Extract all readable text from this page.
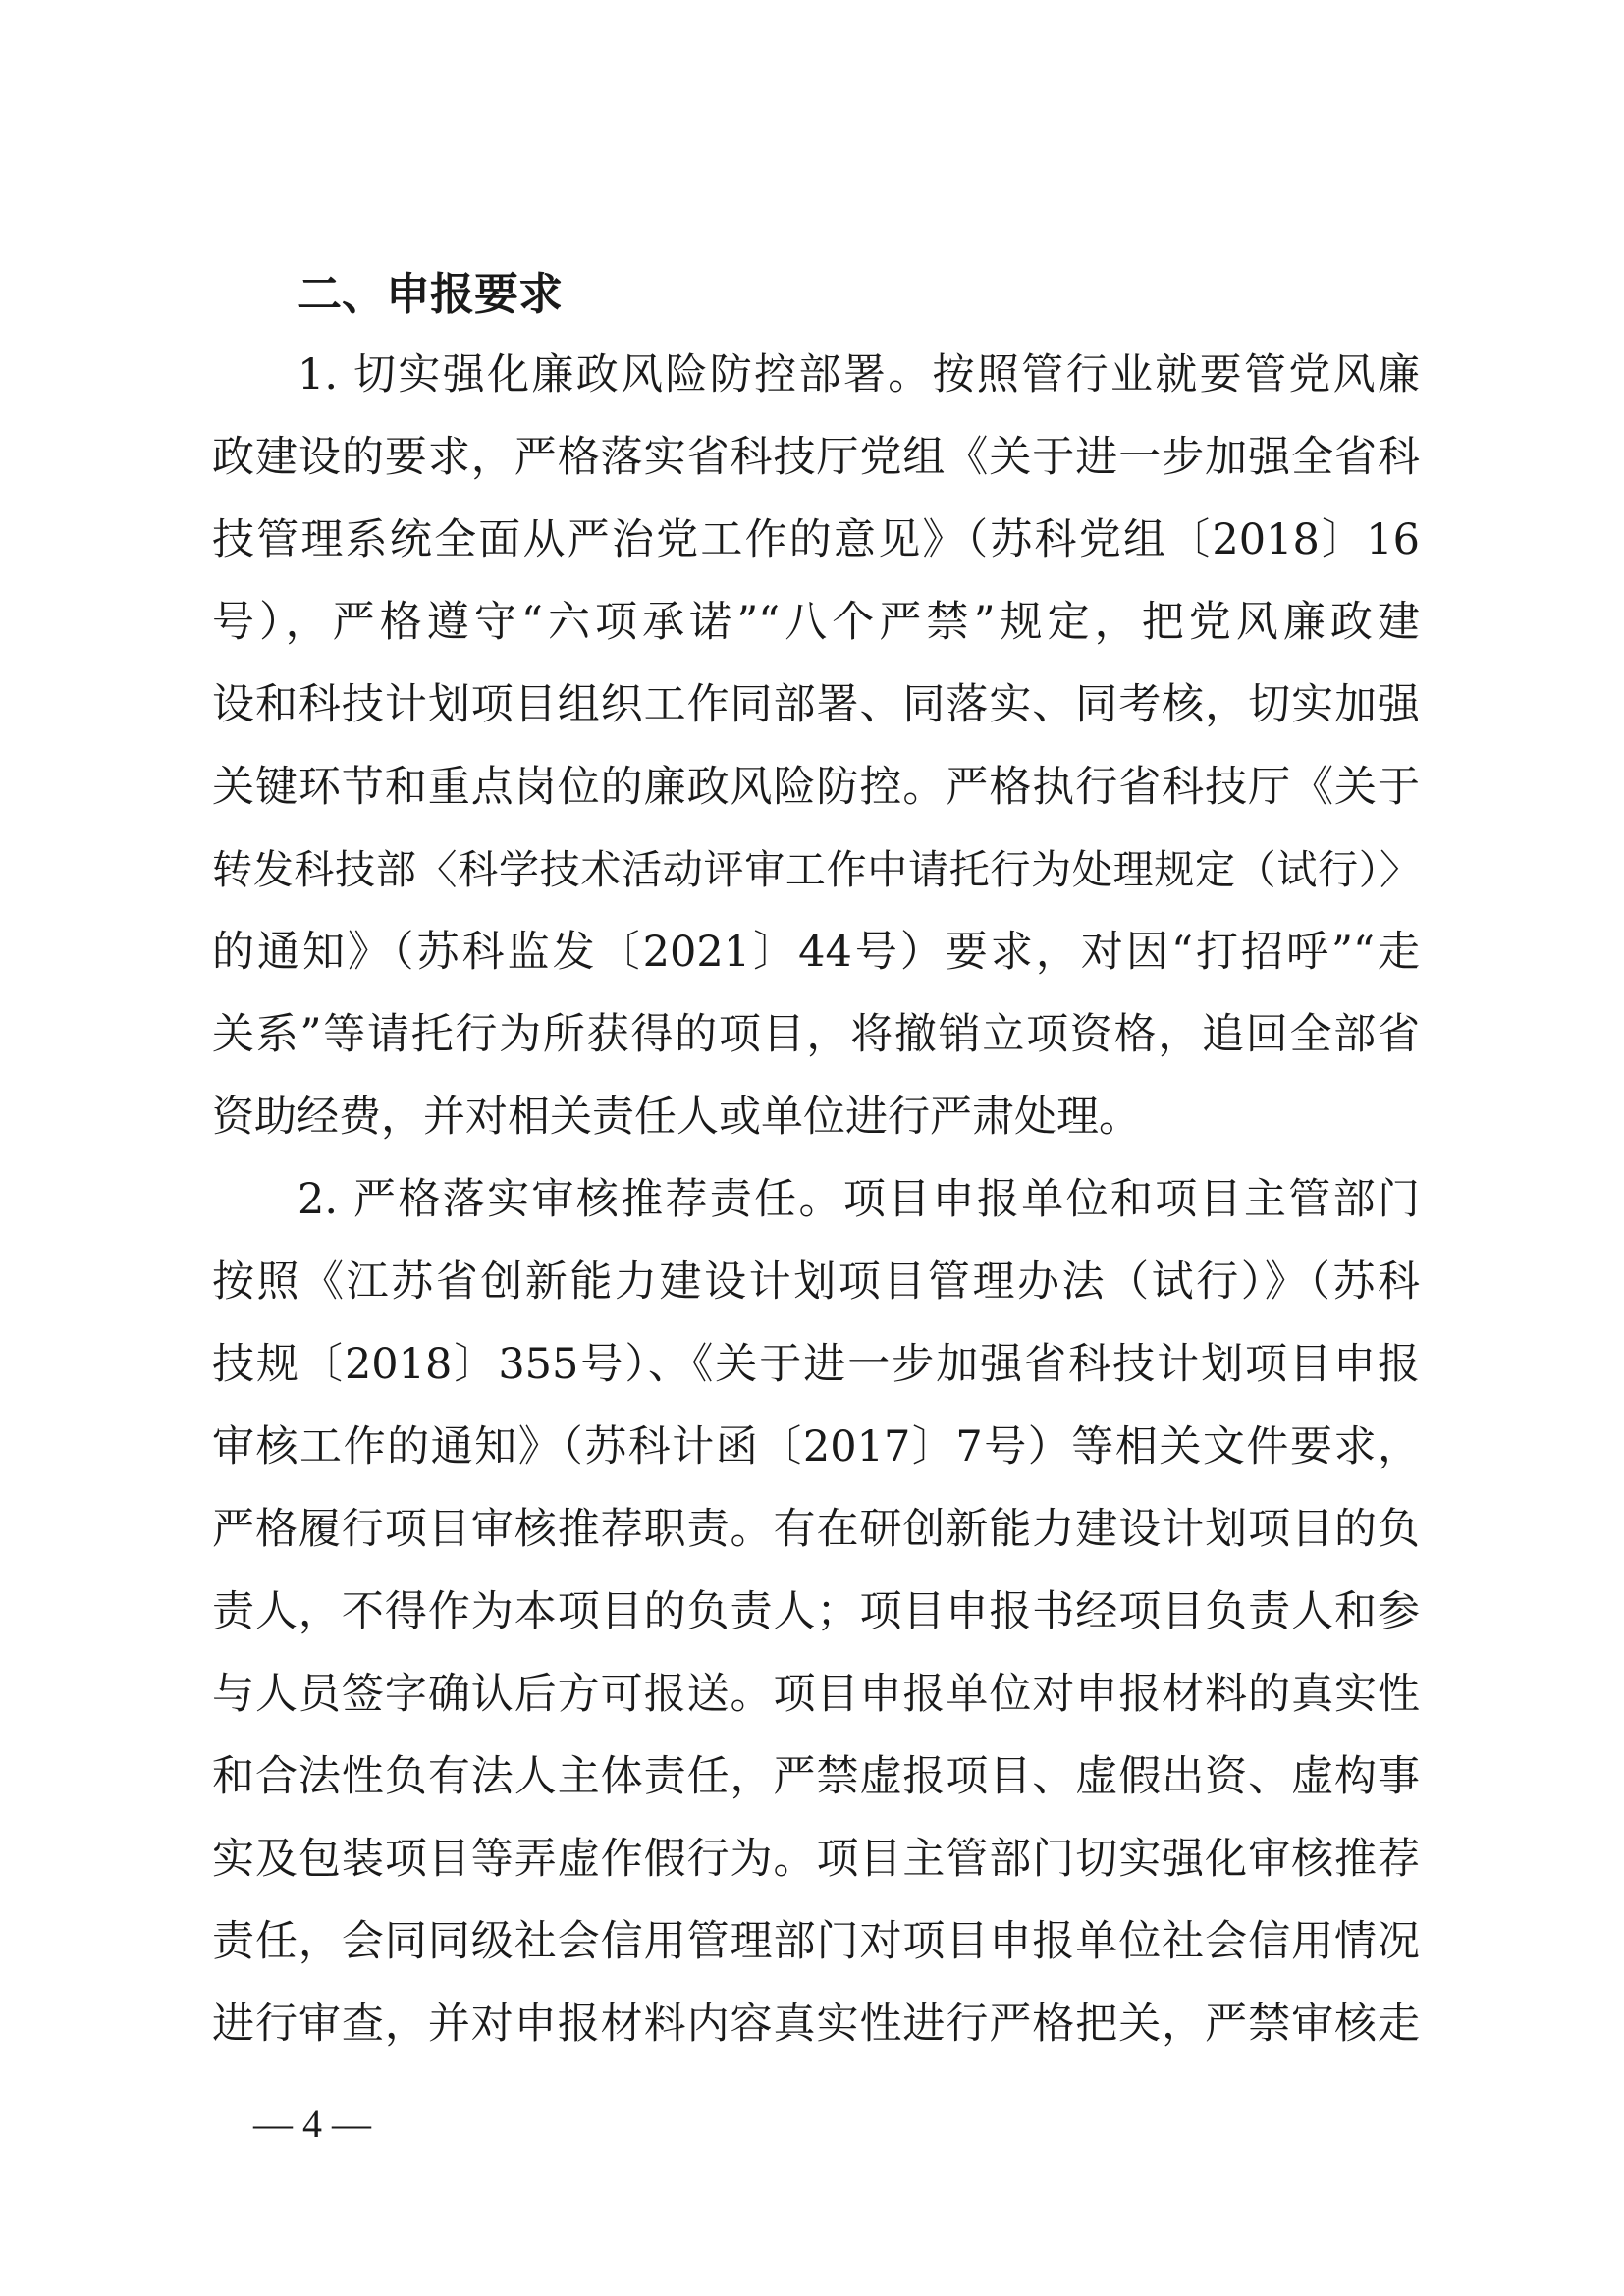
二、申报要求
1. 切实强化廉政风险防控部署。按照管行业就要管党风廉
政建设的要求，严格落实省科技厅党组《关于进一步加强全省科
技管理系统全面从严治党工作的意见》（苏科党组〔2018〕16
号），严格遵守“六项承诺”“八个严禁”规定，把党风廉政建
设和科技计划项目组织工作同部署、同落实、同考核，切实加强
关键环节和重点岗位的廉政风险防控。严格执行省科技厅《关于
转发科技部〈科学技术活动评审工作中请托行为处理规定（试行）〉
的通知》（苏科监发〔2021〕44号）要求，对因“打招呼”“走
关系”等请托行为所获得的项目，将撤销立项资格，追回全部省
资助经费，并对相关责任人或单位进行严肃处理。
2. 严格落实审核推荐责任。项目申报单位和项目主管部门
按照《江苏省创新能力建设计划项目管理办法（试行）》（苏科
技规〔2018〕355号）、《关于进一步加强省科技计划项目申报
审核工作的通知》（苏科计函〔2017〕7号）等相关文件要求，
严格履行项目审核推荐职责。有在研创新能力建设计划项目的负
责人，不得作为本项目的负责人；项目申报书经项目负责人和参
与人员签字确认后方可报送。项目申报单位对申报材料的真实性
和合法性负有法人主体责任，严禁虚报项目、虚假出资、虚构事
实及包装项目等弄虚作假行为。项目主管部门切实强化审核推荐
责任，会同同级社会信用管理部门对项目申报单位社会信用情况
进行审查，并对申报材料内容真实性进行严格把关，严禁审核走
— 4 —
